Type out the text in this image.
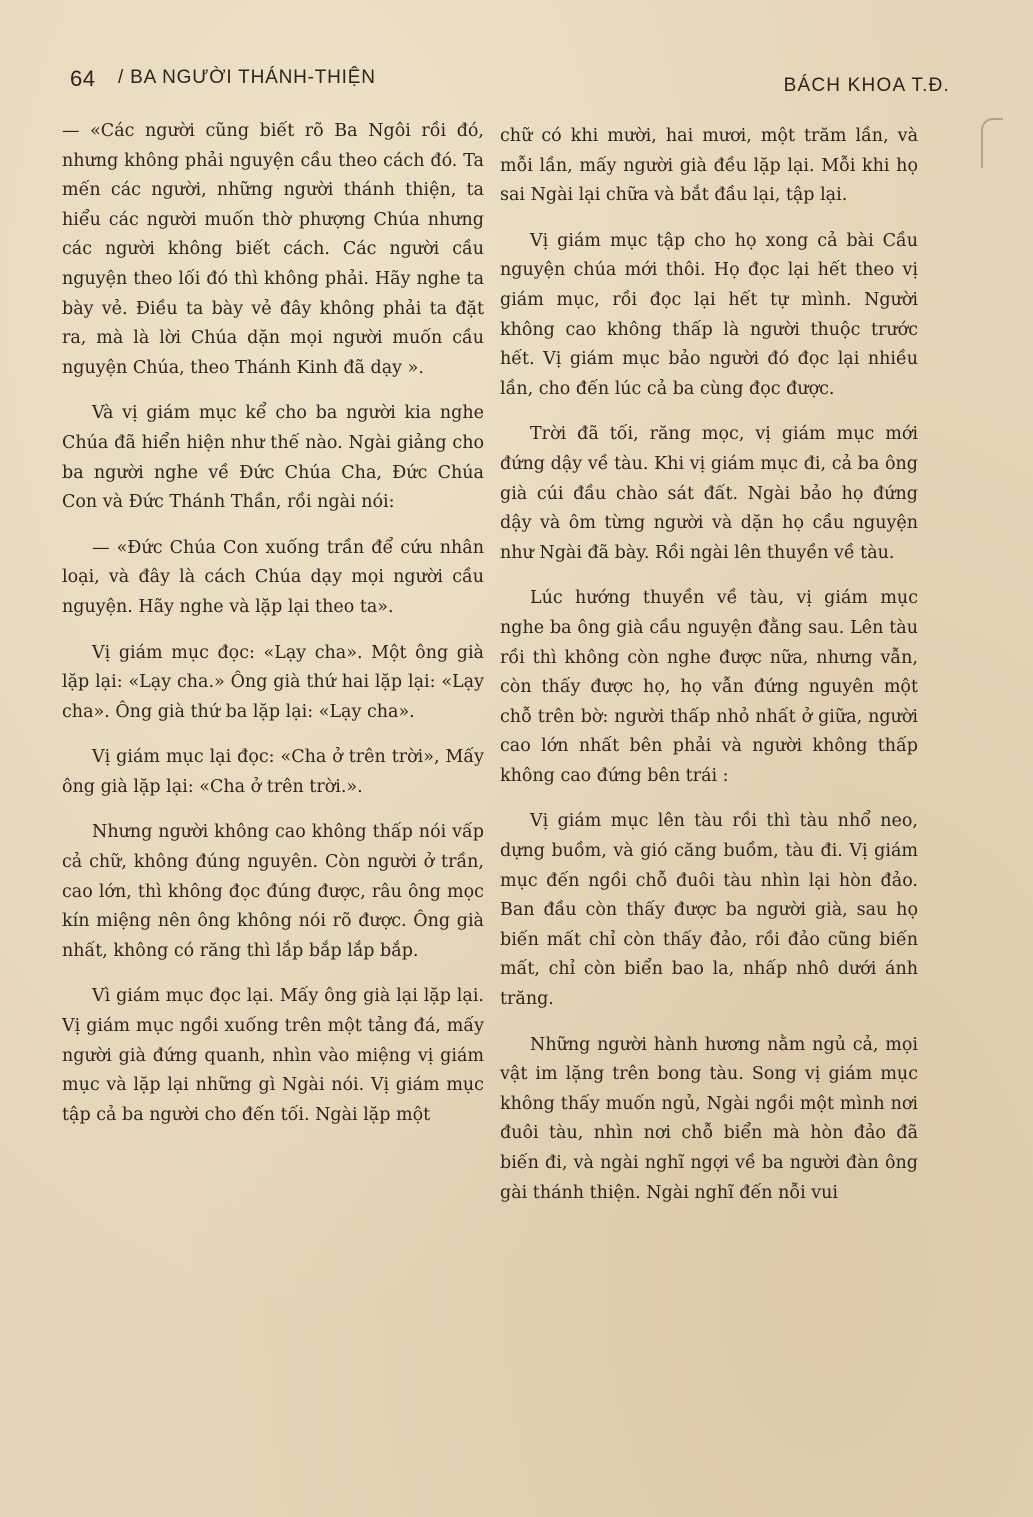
64 / BA NGƯỜI THÁNH-THIỆN	BÁCH KHOA T.Đ.

— «Các người cũng biết rõ Ba Ngôi rồi đó, nhưng không phải nguyện cầu theo cách đó. Ta mến các người, những người thánh thiện, ta hiểu các người muốn thờ phượng Chúa nhưng các người không biết cách. Các người cầu nguyện theo lối đó thì không phải. Hãy nghe ta bày vẻ. Điều ta bày vẻ đây không phải ta đặt ra, mà là lời Chúa dặn mọi người muốn cầu nguyện Chúa, theo Thánh Kinh đã dạy ».

Và vị giám mục kể cho ba người kia nghe Chúa đã hiển hiện như thế nào. Ngài giảng cho ba người nghe về Đức Chúa Cha, Đức Chúa Con và Đức Thánh Thần, rồi ngài nói:

— «Đức Chúa Con xuống trần để cứu nhân loại, và đây là cách Chúa dạy mọi người cầu nguyện. Hãy nghe và lặp lại theo ta».

Vị giám mục đọc: «Lạy cha». Một ông già lặp lại: «Lạy cha.» Ông già thứ hai lặp lại: «Lạy cha». Ông già thứ ba lặp lại: «Lạy cha».

Vị giám mục lại đọc: «Cha ở trên trời», Mấy ông già lặp lại: «Cha ở trên trời.».

Nhưng người không cao không thấp nói vấp cả chữ, không đúng nguyên. Còn người ở trần, cao lớn, thì không đọc đúng được, râu ông mọc kín miệng nên ông không nói rõ được. Ông già nhất, không có răng thì lắp bắp lắp bắp.

Vì giám mục đọc lại. Mấy ông già lại lặp lại. Vị giám mục ngồi xuống trên một tảng đá, mấy người già đứng quanh, nhìn vào miệng vị giám mục và lặp lại những gì Ngài nói. Vị giám mục tập cả ba người cho đến tối. Ngài lặp một

chữ có khi mười, hai mươi, một trăm lần, và mỗi lần, mấy người già đều lặp lại. Mỗi khi họ sai Ngài lại chữa và bắt đầu lại, tập lại.

Vị giám mục tập cho họ xong cả bài Cầu nguyện chúa mới thôi. Họ đọc lại hết theo vị giám mục, rồi đọc lại hết tự mình. Người không cao không thấp là người thuộc trước hết. Vị giám mục bảo người đó đọc lại nhiều lần, cho đến lúc cả ba cùng đọc được.

Trời đã tối, răng mọc, vị giám mục mới đứng dậy về tàu. Khi vị giám mục đi, cả ba ông già cúi đầu chào sát đất. Ngài bảo họ đứng dậy và ôm từng người và dặn họ cầu nguyện như Ngài đã bày. Rồi ngài lên thuyền về tàu.

Lúc hướng thuyền về tàu, vị giám mục nghe ba ông già cầu nguyện đằng sau. Lên tàu rồi thì không còn nghe được nữa, nhưng vẫn, còn thấy được họ, họ vẫn đứng nguyên một chỗ trên bờ: người thấp nhỏ nhất ở giữa, người cao lớn nhất bên phải và người không thấp không cao đứng bên trái :

Vị giám mục lên tàu rồi thì tàu nhổ neo, dựng buồm, và gió căng buồm, tàu đi. Vị giám mục đến ngồi chỗ đuôi tàu nhìn lại hòn đảo. Ban đầu còn thấy được ba người già, sau họ biến mất chỉ còn thấy đảo, rồi đảo cũng biến mất, chỉ còn biển bao la, nhấp nhô dưới ánh trăng.

Những người hành hương nằm ngủ cả, mọi vật im lặng trên bong tàu. Song vị giám mục không thấy muốn ngủ, Ngài ngồi một mình nơi đuôi tàu, nhìn nơi chỗ biển mà hòn đảo đã biến đi, và ngài nghĩ ngợi về ba người đàn ông gài thánh thiện. Ngài nghĩ đến nỗi vui
